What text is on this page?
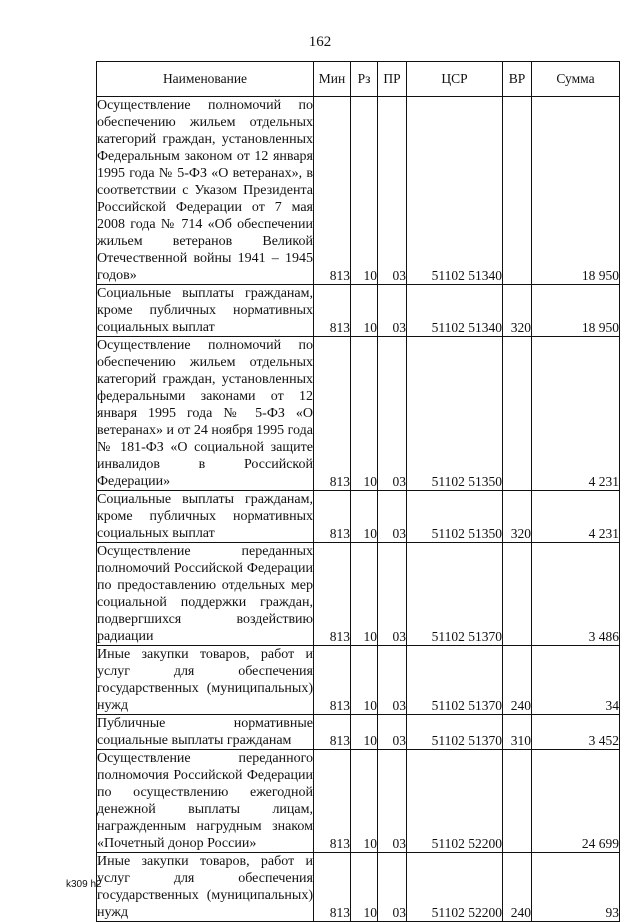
162
Наименование	Мин	Рз	ПР	ЦСР	ВР	Сумма
Осуществление полномочий по обеспечению жильем отдельных категорий граждан, установленных Федеральным законом от 12 января 1995 года № 5-ФЗ «О ветеранах», в соответствии с Указом Президента Российской Федерации от 7 мая 2008 года № 714 «Об обеспечении жильем ветеранов Великой Отечественной войны 1941 – 1945 годов»	813	10	03	51102 51340		18 950
Социальные выплаты гражданам, кроме публичных нормативных социальных выплат	813	10	03	51102 51340	320	18 950
Осуществление полномочий по обеспечению жильем отдельных категорий граждан, установленных федеральными законами от 12 января 1995 года № 5-ФЗ «О ветеранах» и от 24 ноября 1995 года № 181-ФЗ «О социальной защите инвалидов в Российской Федерации»	813	10	03	51102 51350		4 231
Социальные выплаты гражданам, кроме публичных нормативных социальных выплат	813	10	03	51102 51350	320	4 231
Осуществление переданных полномочий Российской Федерации по предоставлению отдельных мер социальной поддержки граждан, подвергшихся воздействию радиации	813	10	03	51102 51370		3 486
Иные закупки товаров, работ и услуг для обеспечения государственных (муниципальных) нужд	813	10	03	51102 51370	240	34
Публичные нормативные социальные выплаты гражданам	813	10	03	51102 51370	310	3 452
Осуществление переданного полномочия Российской Федерации по осуществлению ежегодной денежной выплаты лицам, награжденным нагрудным знаком «Почетный донор России»	813	10	03	51102 52200		24 699
Иные закупки товаров, работ и услуг для обеспечения государственных (муниципальных) нужд	813	10	03	51102 52200	240	93
k309 h2
